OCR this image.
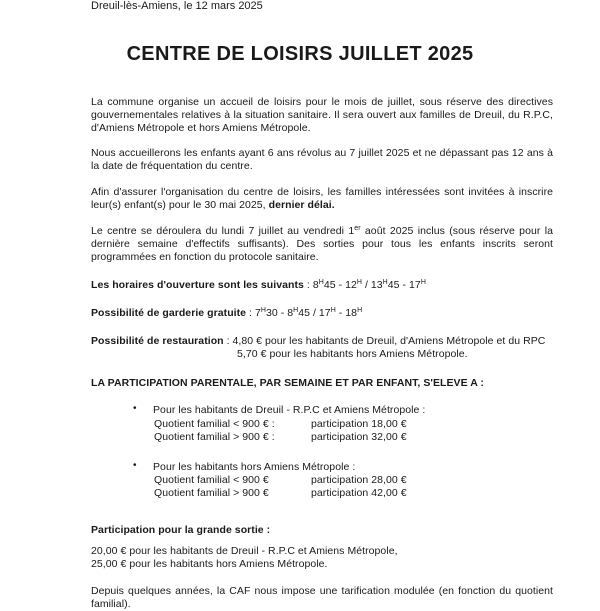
Dreuil-lès-Amiens, le 12 mars 2025
CENTRE DE LOISIRS JUILLET 2025
La commune organise un accueil de loisirs pour le mois de juillet, sous réserve des directives gouvernementales relatives à la situation sanitaire. Il sera ouvert aux familles de Dreuil, du R.P.C, d'Amiens Métropole et hors Amiens Métropole.
Nous accueillerons les enfants ayant 6 ans révolus au 7 juillet 2025 et ne dépassant pas 12 ans à la date de fréquentation du centre.
Afin d'assurer l'organisation du centre de loisirs, les familles intéressées sont invitées à inscrire leur(s) enfant(s) pour le 30 mai 2025, dernier délai.
Le centre se déroulera du lundi 7 juillet au vendredi 1er août 2025 inclus (sous réserve pour la dernière semaine d'effectifs suffisants). Des sorties pour tous les enfants inscrits seront programmées en fonction du protocole sanitaire.
Les horaires d'ouverture sont les suivants : $8^H45 - 12^H / 13^H45 - 17^H$
Possibilité de garderie gratuite : $7^H30 - 8^H45 / 17^H - 18^H$
Possibilité de restauration : 4,80 € pour les habitants de Dreuil, d'Amiens Métropole et du RPC
5,70 € pour les habitants hors Amiens Métropole.
LA PARTICIPATION PARENTALE, PAR SEMAINE ET PAR ENFANT, S'ELEVE A :
• Pour les habitants de Dreuil - R.P.C et Amiens Métropole :
Quotient familial < 900 € :	participation 18,00 €
Quotient familial > 900 € :	participation 32,00 €
• Pour les habitants hors Amiens Métropole :
Quotient familial < 900 €	participation 28,00 €
Quotient familial > 900 €	participation 42,00 €
Participation pour la grande sortie :
20,00 € pour les habitants de Dreuil - R.P.C et Amiens Métropole,
25,00 € pour les habitants hors Amiens Métropole.
Depuis quelques années, la CAF nous impose une tarification modulée (en fonction du quotient familial).
